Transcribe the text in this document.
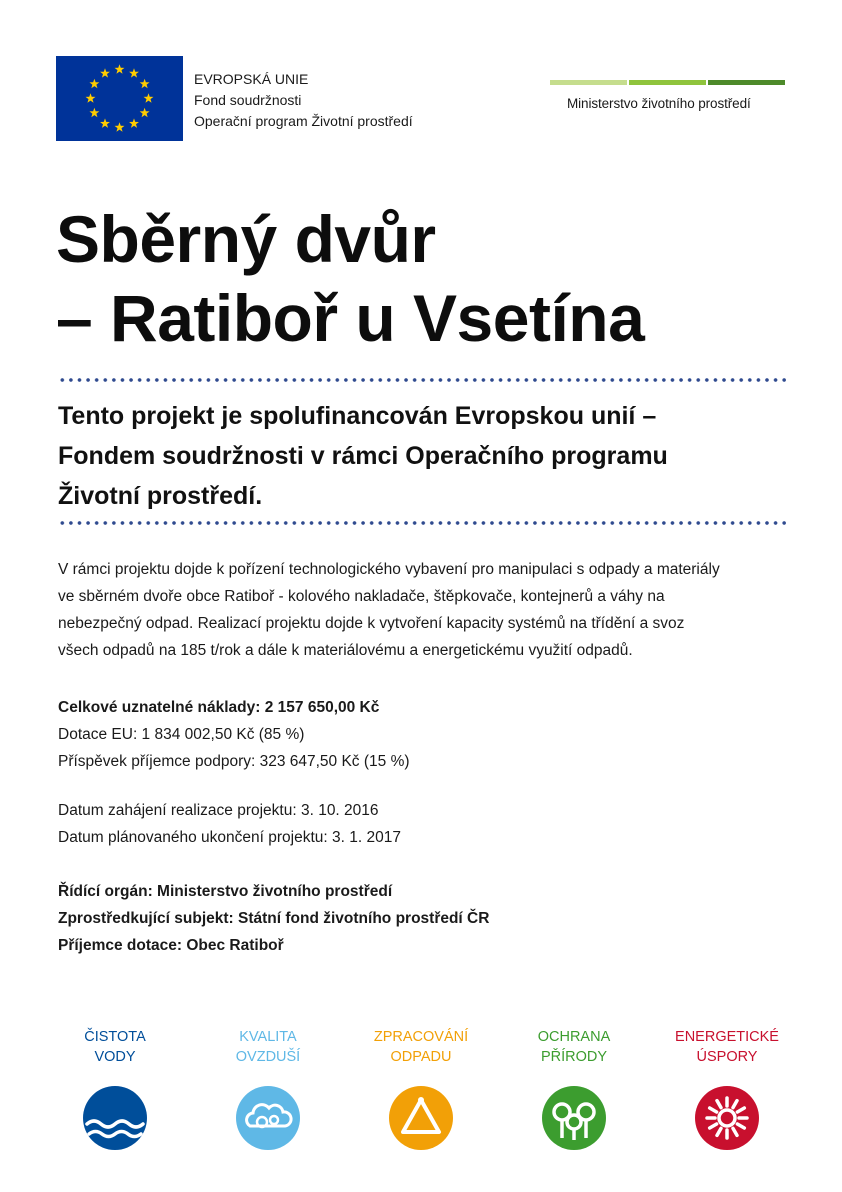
EVROPSKÁ UNIE
Fond soudržnosti
Operační program Životní prostředí
Ministerstvo životního prostředí
Sběrný dvůr
– Ratiboř u Vsetína
Tento projekt je spolufinancován Evropskou unií –
Fondem soudržnosti v rámci Operačního programu
Životní prostředí.
V rámci projektu dojde k pořízení technologického vybavení pro manipulaci s odpady a materiály
ve sběrném dvoře obce Ratiboř - kolového nakladače, štěpkovače, kontejnerů a váhy na
nebezpečný odpad. Realizací projektu dojde k vytvoření kapacity systémů na třídění a svoz
všech odpadů na 185 t/rok a dále k materiálovému a energetickému využití odpadů.
Celkové uznatelné náklady: 2 157 650,00 Kč
Dotace EU: 1 834 002,50 Kč (85 %)
Příspěvek příjemce podpory: 323 647,50 Kč (15 %)
Datum zahájení realizace projektu: 3. 10. 2016
Datum plánovaného ukončení projektu: 3. 1. 2017
Řídící orgán: Ministerstvo životního prostředí
Zprostředkující subjekt: Státní fond životního prostředí ČR
Příjemce dotace: Obec Ratiboř
ČISTOTA
VODY
KVALITA
OVZDUŠÍ
ZPRACOVÁNÍ
ODPADU
OCHRANA
PŘÍRODY
ENERGETICKÉ
ÚSPORY
